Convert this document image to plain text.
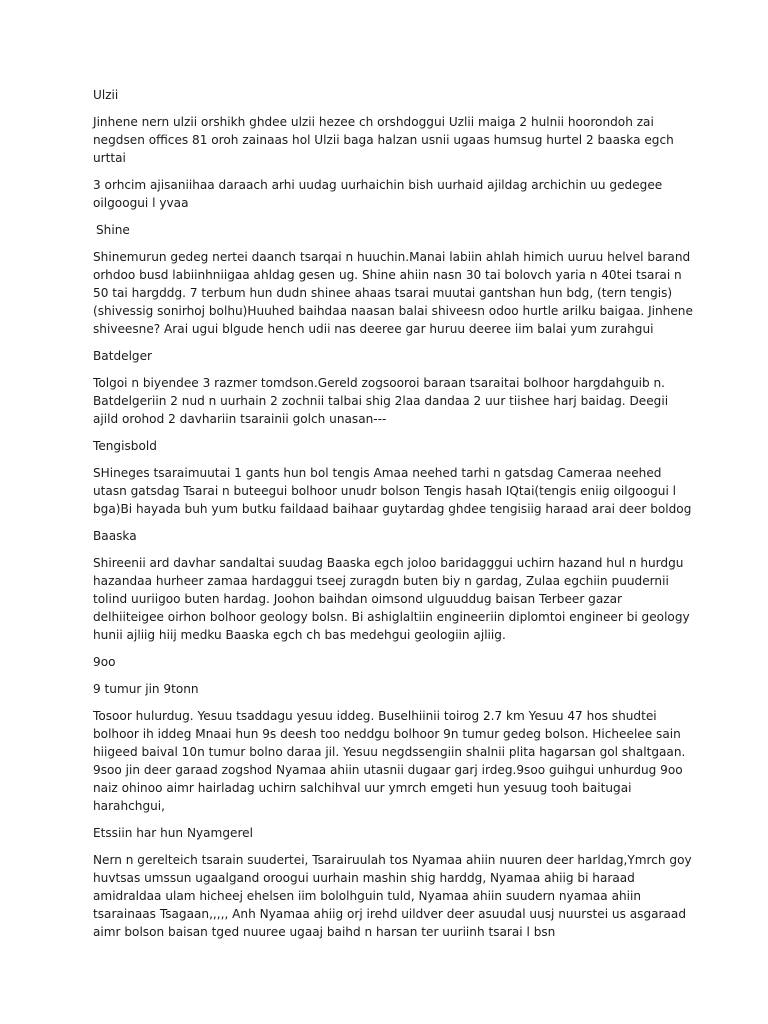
Ulzii

Jinhene nern ulzii orshikh ghdee ulzii hezee ch orshdoggui Uzlii maiga 2 hulnii hoorondoh zai negdsen offices 81 oroh zainaas hol Ulzii baga halzan usnii ugaas humsug hurtel 2 baaska egch urttai

3 orhcim ajisaniihaa daraach arhi uudag uurhaichin bish uurhaid ajildag archichin uu gedegee oilgoogui l yvaa

Shine

Shinemurun gedeg nertei daanch tsarqai n huuchin.Manai labiin ahlah himich uuruu helvel barand orhdoo busd labiinhniigaa ahldag gesen ug. Shine ahiin nasn 30 tai bolovch yaria n 40tei tsarai n 50 tai hargddg. 7 terbum hun dudn shinee ahaas tsarai muutai gantshan hun bdg, (tern tengis) (shivessig sonirhoj bolhu)Huuhed baihdaa naasan balai shiveesn odoo hurtle arilku baigaa. Jinhene shiveesne? Arai ugui blgude hench udii nas deeree gar huruu deeree iim balai yum zurahgui

Batdelger

Tolgoi n biyendee 3 razmer tomdson.Gereld zogsooroi baraan tsaraitai bolhoor hargdahguib n. Batdelgeriin 2 nud n uurhain 2 zochnii talbai shig 2laa dandaa 2 uur tiishee harj baidag. Deegii ajild orohod 2 davhariin tsarainii golch unasan---

Tengisbold

SHineges tsaraimuutai 1 gants hun bol tengis Amaa neehed tarhi n gatsdag Cameraa neehed utasn gatsdag Tsarai n buteegui bolhoor unudr bolson Tengis hasah IQtai(tengis eniig oilgoogui l bga)Bi hayada buh yum butku faildaad baihaar guytardag ghdee tengisiig haraad arai deer boldog

Baaska

Shireenii ard davhar sandaltai suudag Baaska egch joloo baridagggui uchirn hazand hul n hurdgu hazandaa hurheer zamaa hardaggui tseej zuragdn buten biy n gardag, Zulaa egchiin puudernii tolind uuriigoo buten hardag. Joohon baihdan oimsond ulguuddug baisan Terbeer gazar delhiiteigee oirhon bolhoor geology bolsn. Bi ashiglaltiin engineeriin diplomtoi engineer bi geology hunii ajliig hiij medku Baaska egch ch bas medehgui geologiin ajliig.

9oo

9 tumur jin 9tonn

Tosoor hulurdug. Yesuu tsaddagu yesuu iddeg. Buselhiinii toirog 2.7 km Yesuu 47 hos shudtei bolhoor ih iddeg Mnaai hun 9s deesh too neddgu bolhoor 9n tumur gedeg bolson. Hicheelee sain hiigeed baival 10n tumur bolno daraa jil. Yesuu negdssengiin shalnii plita hagarsan gol shaltgaan. 9soo jin deer garaad zogshod Nyamaa ahiin utasnii dugaar garj irdeg.9soo guihgui unhurdug 9oo naiz ohinoo aimr hairladag uchirn salchihval uur ymrch emgeti hun yesuug tooh baitugai harahchgui,

Etssiin har hun Nyamgerel

Nern n gerelteich tsarain suudertei, Tsarairuulah tos Nyamaa ahiin nuuren deer harldag,Ymrch goy huvtsas umssun ugaalgand oroogui uurhain mashin shig harddg, Nyamaa ahiig bi haraad amidraldaa ulam hicheej ehelsen iim bololhguin tuld, Nyamaa ahiin suudern nyamaa ahiin tsarainaas Tsagaan,,,,, Anh Nyamaa ahiig orj irehd uildver deer asuudal uusj nuurstei us asgaraad aimr bolson baisan tged nuuree ugaaj baihd n harsan ter uuriinh tsarai l bsn
